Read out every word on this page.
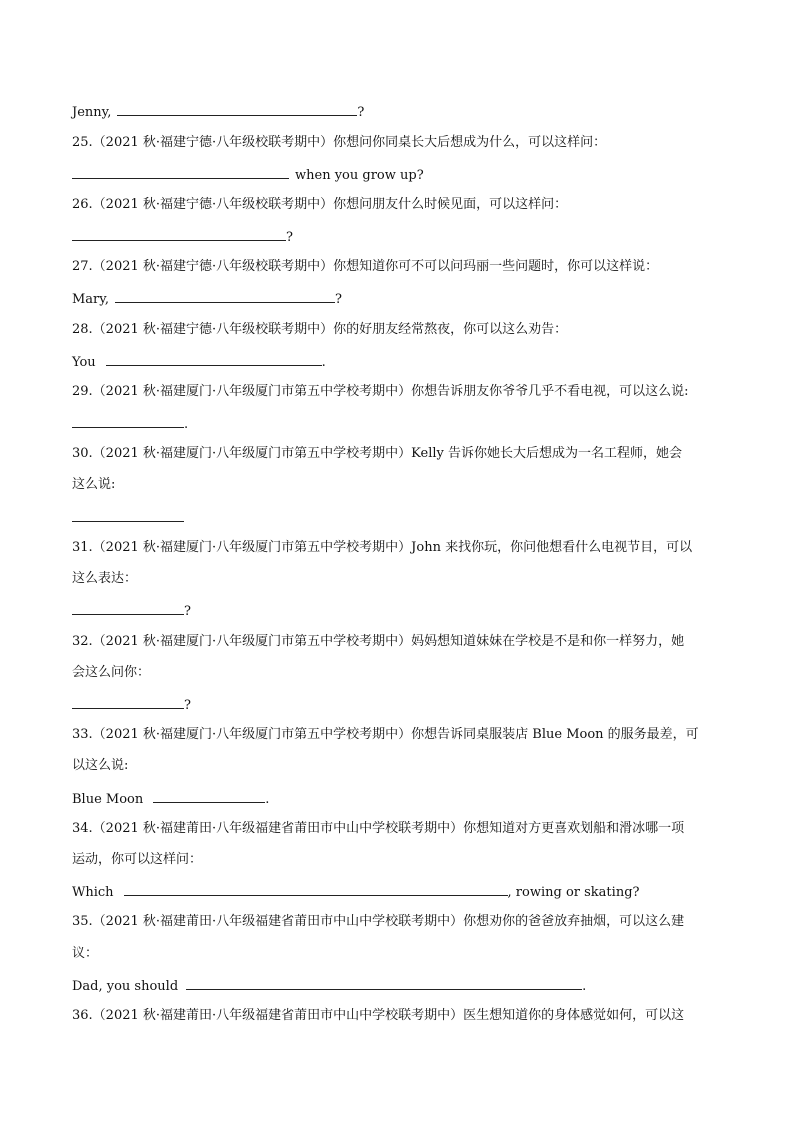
Jenny,	?
25.（2021 秋·福建宁德·八年级校联考期中）你想问你同桌长大后想成为什么，可以这样问：
when you grow up?
26.（2021 秋·福建宁德·八年级校联考期中）你想问朋友什么时候见面，可以这样问：
?
27.（2021 秋·福建宁德·八年级校联考期中）你想知道你可不可以问玛丽一些问题时，你可以这样说：
Mary,	?
28.（2021 秋·福建宁德·八年级校联考期中）你的好朋友经常熬夜，你可以这么劝告：
You	.
29.（2021 秋·福建厦门·八年级厦门市第五中学校考期中）你想告诉朋友你爷爷几乎不看电视，可以这么说:
.
30.（2021 秋·福建厦门·八年级厦门市第五中学校考期中）Kelly 告诉你她长大后想成为一名工程师，她会
这么说:
31.（2021 秋·福建厦门·八年级厦门市第五中学校考期中）John 来找你玩，你问他想看什么电视节目，可以
这么表达：
?
32.（2021 秋·福建厦门·八年级厦门市第五中学校考期中）妈妈想知道妹妹在学校是不是和你一样努力，她
会这么问你：
?
33.（2021 秋·福建厦门·八年级厦门市第五中学校考期中）你想告诉同桌服装店 Blue Moon 的服务最差，可
以这么说:
Blue Moon	.
34.（2021 秋·福建莆田·八年级福建省莆田市中山中学校联考期中）你想知道对方更喜欢划船和滑冰哪一项
运动，你可以这样问：
Which	, rowing or skating?
35.（2021 秋·福建莆田·八年级福建省莆田市中山中学校联考期中）你想劝你的爸爸放弃抽烟，可以这么建
议：
Dad, you should	.
36.（2021 秋·福建莆田·八年级福建省莆田市中山中学校联考期中）医生想知道你的身体感觉如何，可以这
